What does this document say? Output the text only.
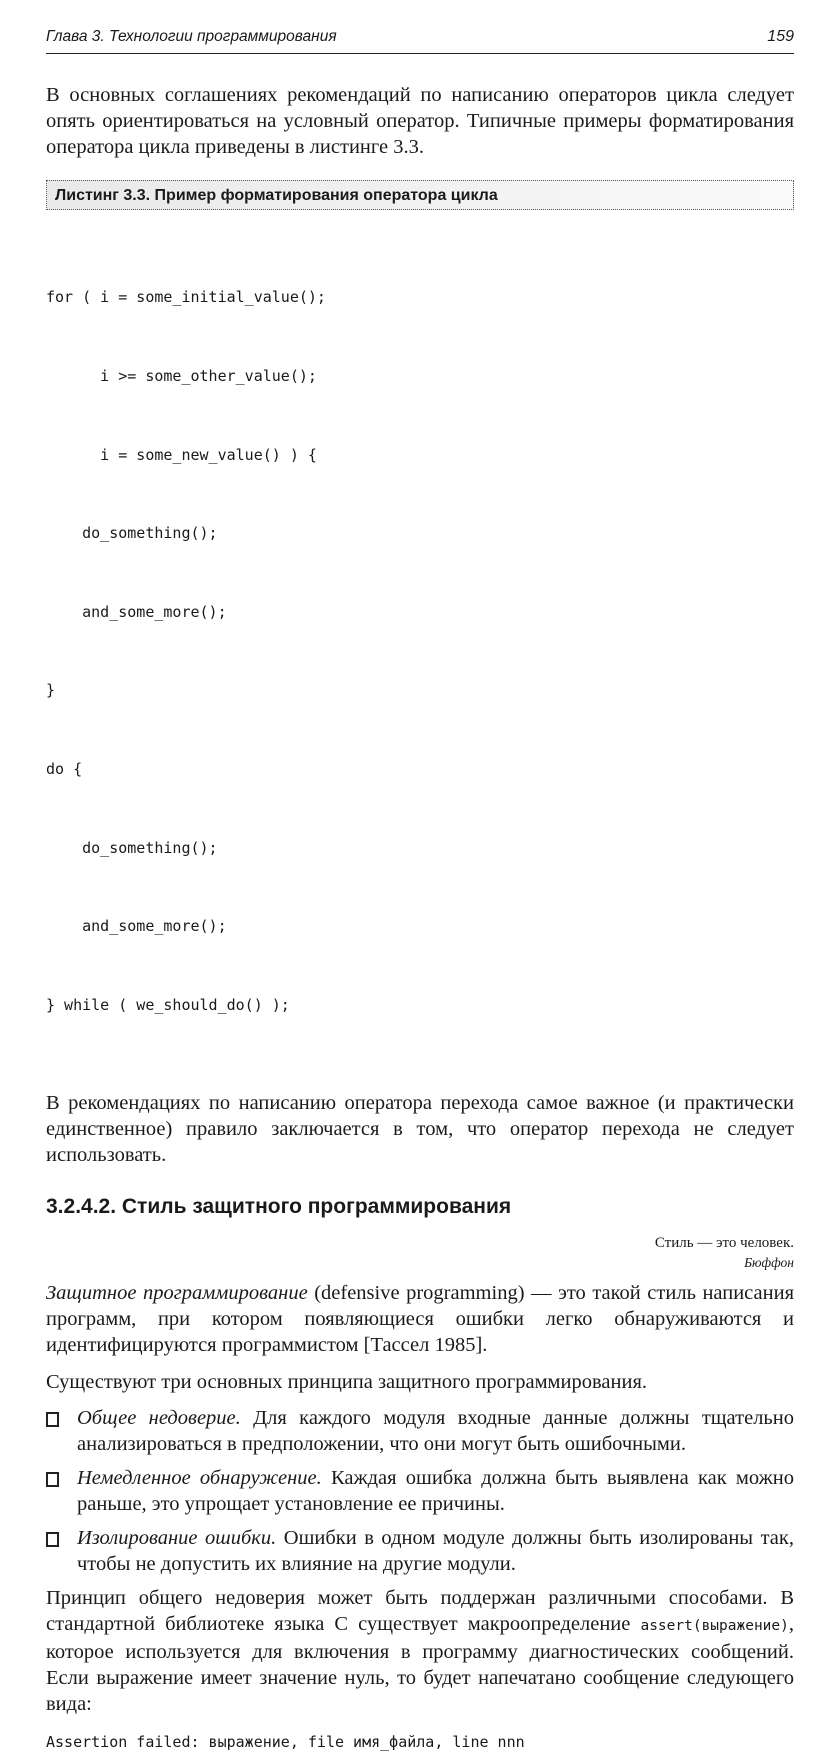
Глава 3. Технологии программирования	159

В основных соглашениях рекомендаций по написанию операторов цикла следует опять ориентироваться на условный оператор. Типичные примеры форматирования оператора цикла приведены в листинге 3.3.

Листинг 3.3. Пример форматирования оператора цикла

for ( i = some_initial_value();

i >= some_other_value();

i = some_new_value() ) {

do_something();

and_some_more();

}

do {

do_something();

and_some_more();

} while ( we_should_do() );

В рекомендациях по написанию оператора перехода самое важное (и практически единственное) правило заключается в том, что оператор перехода не следует использовать.

3.2.4.2. Стиль защитного программирования
Стиль — это человек.
Бюффон

Защитное программирование (defensive programming) — это такой стиль написания программ, при котором появляющиеся ошибки легко обнаруживаются и идентифицируются программистом [Тассел 1985].

Существуют три основных принципа защитного программирования.

Общее недоверие. Для каждого модуля входные данные должны тщательно анализироваться в предположении, что они могут быть ошибочными.

Немедленное обнаружение. Каждая ошибка должна быть выявлена как можно раньше, это упрощает установление ее причины.

Изолирование ошибки. Ошибки в одном модуле должны быть изолированы так, чтобы не допустить их влияние на другие модули.

Принцип общего недоверия может быть поддержан различными способами. В стандартной библиотеке языка С существует макроопределение assert(выражение), которое используется для включения в программу диагностических сообщений. Если выражение имеет значение нуль, то будет напечатано сообщение следующего вида:

Assertion failed: выражение, file имя_файла, line nnn
